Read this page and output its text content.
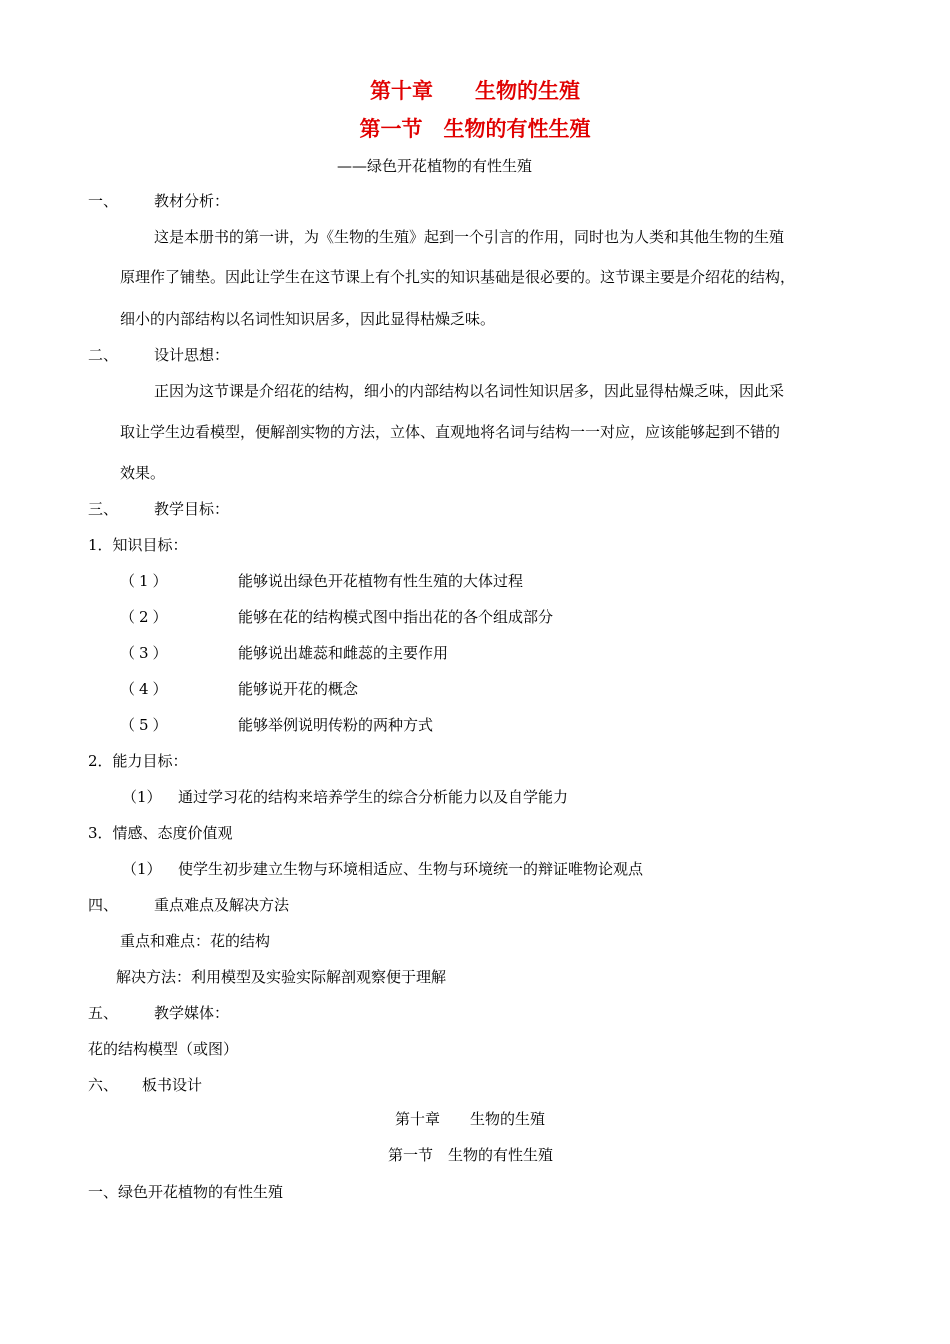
第十章　　生物的生殖
第一节　生物的有性生殖
——绿色开花植物的有性生殖
一、 教材分析：
这是本册书的第一讲，为《生物的生殖》起到一个引言的作用，同时也为人类和其他生物的生殖
原理作了铺垫。因此让学生在这节课上有个扎实的知识基础是很必要的。这节课主要是介绍花的结构，
细小的内部结构以名词性知识居多，因此显得枯燥乏味。
二、 设计思想：
正因为这节课是介绍花的结构，细小的内部结构以名词性知识居多，因此显得枯燥乏味，因此采
取让学生边看模型，便解剖实物的方法，立体、直观地将名词与结构一一对应，应该能够起到不错的
效果。
三、 教学目标：
1．知识目标：
（1）	能够说出绿色开花植物有性生殖的大体过程
（2）	能够在花的结构模式图中指出花的各个组成部分
（3）	能够说出雄蕊和雌蕊的主要作用
（4）	能够说开花的概念
（5）	能够举例说明传粉的两种方式
2．能力目标：
（1） 通过学习花的结构来培养学生的综合分析能力以及自学能力
3．情感、态度价值观
（1） 使学生初步建立生物与环境相适应、生物与环境统一的辩证唯物论观点
四、 重点难点及解决方法
重点和难点：花的结构
解决方法：利用模型及实验实际解剖观察便于理解
五、 教学媒体：
花的结构模型（或图）
六、 板书设计
第十章　　生物的生殖
第一节　生物的有性生殖
一、绿色开花植物的有性生殖
